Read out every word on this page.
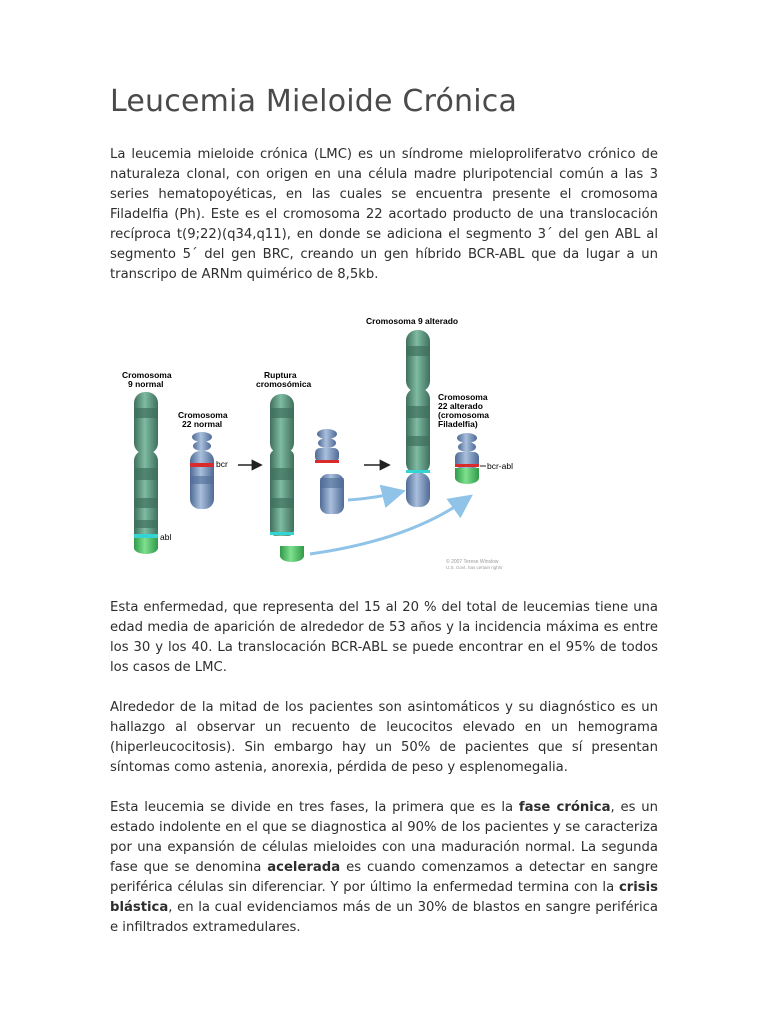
Leucemia Mieloide Crónica

La leucemia mieloide crónica (LMC) es un síndrome mieloproliferatvo crónico de naturaleza clonal, con origen en una célula madre pluripotencial común a las 3 series hematopoyéticas, en las cuales se encuentra presente el cromosoma Filadelfia (Ph). Este es el cromosoma 22 acortado producto de una translocación recíproca t(9;22)(q34,q11), en donde se adiciona el segmento 3´ del gen ABL al segmento 5´ del gen BRC, creando un gen híbrido BCR-ABL que da lugar a un transcripo de ARNm quimérico de 8,5kb.

Cromosoma
9 normal
abl
Cromosoma
22 normal
bcr
Ruptura
cromosómica
Cromosoma 9 alterado
Cromosoma
22 alterado
(cromosoma
Filadelfia)
bcr-abl
© 2007 Terese Winslow
U.S. Govt. has certain rights

Esta enfermedad, que representa del 15 al 20 % del total de leucemias tiene una edad media de aparición de alrededor de 53 años y la incidencia máxima es entre los 30 y los 40. La translocación BCR-ABL se puede encontrar en el 95% de todos los casos de LMC.

Alrededor de la mitad de los pacientes son asintomáticos y su diagnóstico es un hallazgo al observar un recuento de leucocitos elevado en un hemograma (hiperleucocitosis). Sin embargo hay un 50% de pacientes que sí presentan síntomas como astenia, anorexia, pérdida de peso y esplenomegalia.

Esta leucemia se divide en tres fases, la primera que es la fase crónica, es un estado indolente en el que se diagnostica al 90% de los pacientes y se caracteriza por una expansión de células mieloides con una maduración normal. La segunda fase que se denomina acelerada es cuando comenzamos a detectar en sangre periférica células sin diferenciar. Y por último la enfermedad termina con la crisis blástica, en la cual evidenciamos más de un 30% de blastos en sangre periférica e infiltrados extramedulares.
